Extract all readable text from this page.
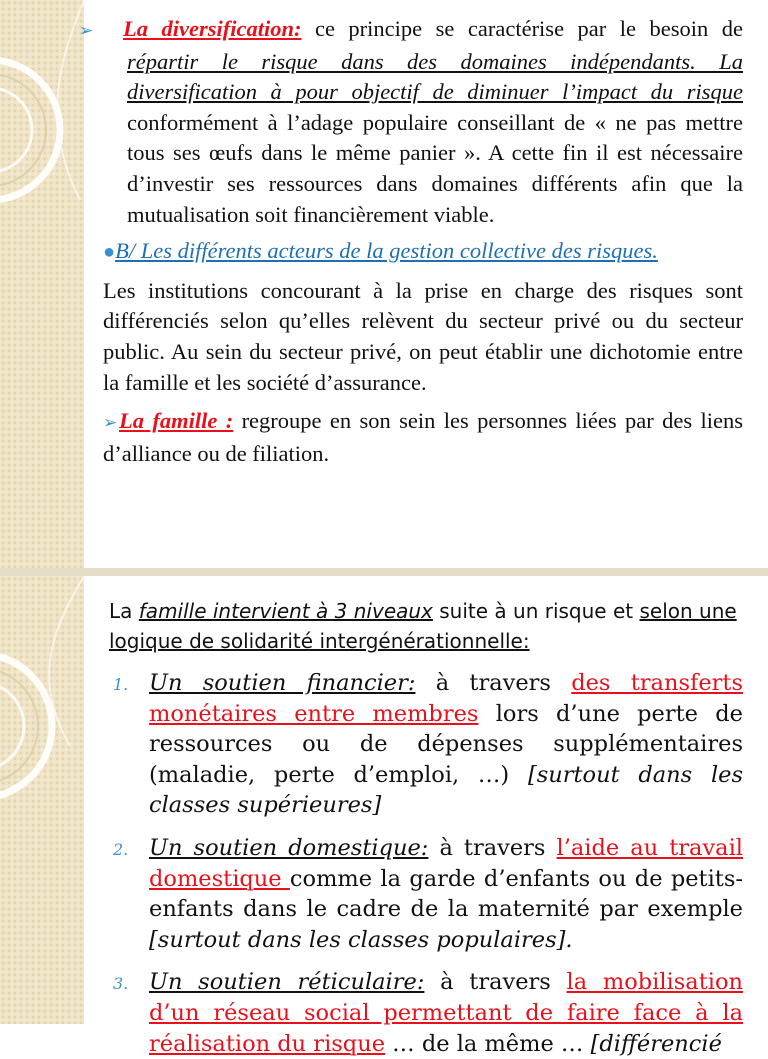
➢ La diversification: ce principe se caractérise par le besoin de répartir le risque dans des domaines indépendants. La diversification à pour objectif de diminuer l’impact du risque conformément à l’adage populaire conseillant de « ne pas mettre tous ses œufs dans le même panier ». A cette fin il est nécessaire d’investir ses ressources dans domaines différents afin que la mutualisation soit financièrement viable.

●B/ Les différents acteurs de la gestion collective des risques.

Les institutions concourant à la prise en charge des risques sont différenciés selon qu’elles relèvent du secteur privé ou du secteur public. Au sein du secteur privé, on peut établir une dichotomie entre la famille et les société d’assurance.

➢La famille : regroupe en son sein les personnes liées par des liens d’alliance ou de filiation.

La famille intervient à 3 niveaux suite à un risque et selon une logique de solidarité intergénérationnelle:

1. Un soutien financier: à travers des transferts monétaires entre membres lors d’une perte de ressources ou de dépenses supplémentaires (maladie, perte d’emploi, …) [surtout dans les classes supérieures]

2. Un soutien domestique: à travers l’aide au travail domestique comme la garde d’enfants ou de petits-enfants dans le cadre de la maternité par exemple [surtout dans les classes populaires].

3. Un soutien réticulaire: à travers la mobilisation d’un réseau social permettant de faire face à la réalisation du risque … de la même … [différencié
